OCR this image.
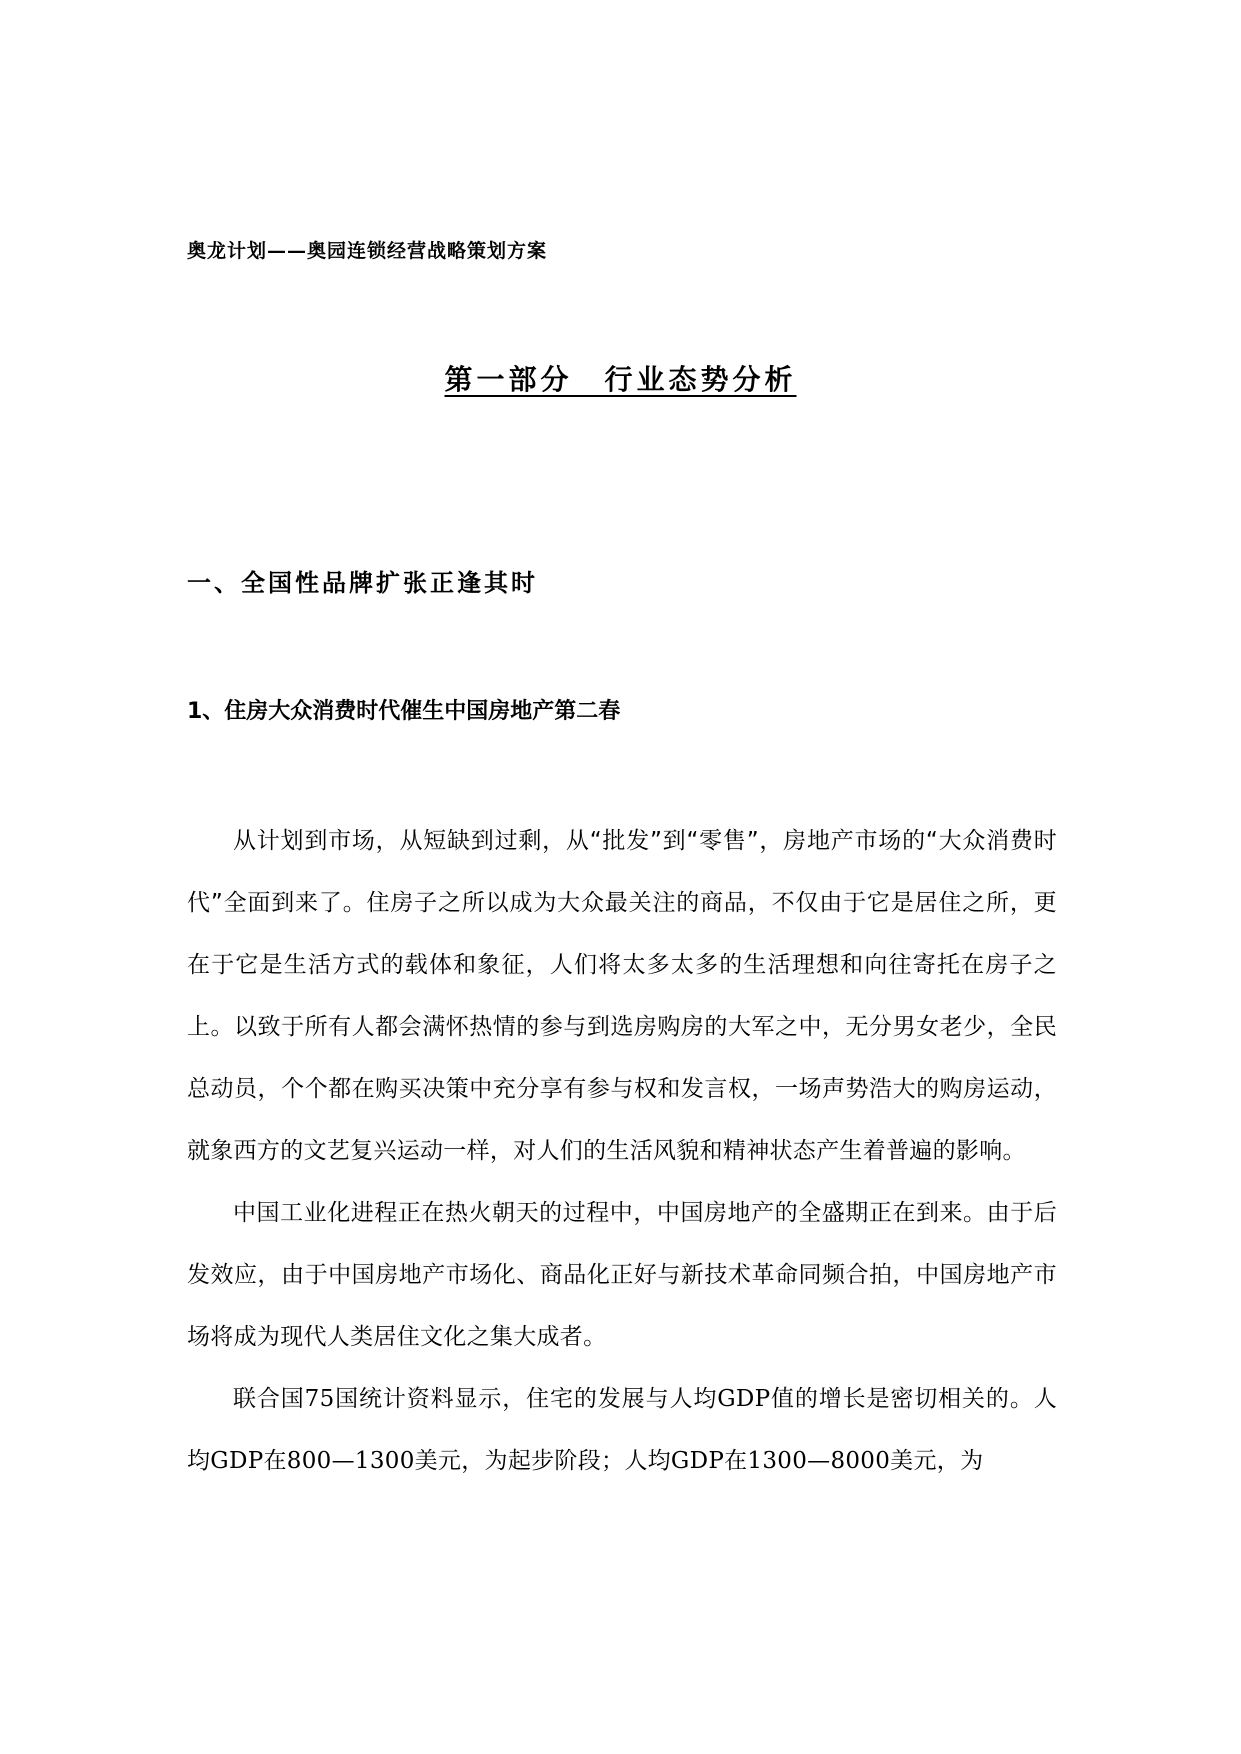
奥龙计划——奥园连锁经营战略策划方案
第一部分　行业态势分析
一、全国性品牌扩张正逢其时
1、住房大众消费时代催生中国房地产第二春

从计划到市场，从短缺到过剩，从“批发”到“零售”，房地产市场的“大众消费时代”全面到来了。住房子之所以成为大众最关注的商品，不仅由于它是居住之所，更在于它是生活方式的载体和象征，人们将太多太多的生活理想和向往寄托在房子之上。以致于所有人都会满怀热情的参与到选房购房的大军之中，无分男女老少，全民总动员，个个都在购买决策中充分享有参与权和发言权，一场声势浩大的购房运动，就象西方的文艺复兴运动一样，对人们的生活风貌和精神状态产生着普遍的影响。

中国工业化进程正在热火朝天的过程中，中国房地产的全盛期正在到来。由于后发效应，由于中国房地产市场化、商品化正好与新技术革命同频合拍，中国房地产市场将成为现代人类居住文化之集大成者。

联合国75国统计资料显示，住宅的发展与人均GDP值的增长是密切相关的。人均GDP在800—1300美元，为起步阶段；人均GDP在1300—8000美元，为
